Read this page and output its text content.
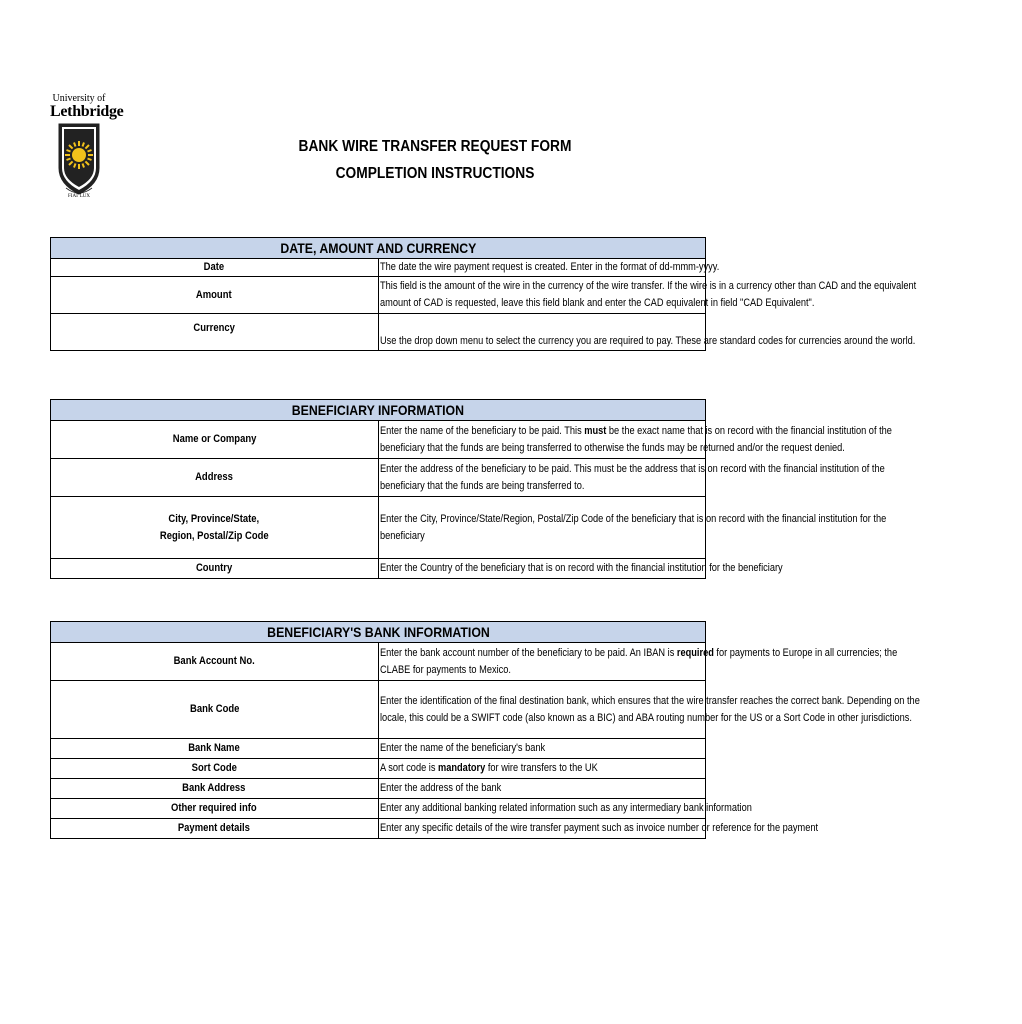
University of
Lethbridge
FIAT LUX
BANK WIRE TRANSFER REQUEST FORM
COMPLETION INSTRUCTIONS
DATE, AMOUNT AND CURRENCY	
Date	The date the wire payment request is created. Enter in the format of dd-mmm-yyyy.
Amount	This field is the amount of the wire in the currency of the wire transfer. If the wire is in a currency other than CAD and the equivalent
amount of CAD is requested, leave this field blank and enter the CAD equivalent in field "CAD Equivalent".
Currency	Use the drop down menu to select the currency you are required to pay. These are standard codes for currencies around the world.
BENEFICIARY INFORMATION	
Name or Company	Enter the name of the beneficiary to be paid. This must be the exact name that is on record with the financial institution of the
beneficiary that the funds are being transferred to otherwise the funds may be returned and/or the request denied.
Address	Enter the address of the beneficiary to be paid. This must be the address that is on record with the financial institution of the
beneficiary that the funds are being transferred to.
City, Province/State,
Region, Postal/Zip Code	Enter the City, Province/State/Region, Postal/Zip Code of the beneficiary that is on record with the financial institution for the
beneficiary
Country	Enter the Country of the beneficiary that is on record with the financial institution for the beneficiary
BENEFICIARY'S BANK INFORMATION	
Bank Account No.	Enter the bank account number of the beneficiary to be paid. An IBAN is required for payments to Europe in all currencies; the
CLABE for payments to Mexico.
Bank Code	Enter the identification of the final destination bank, which ensures that the wire transfer reaches the correct bank. Depending on the
locale, this could be a SWIFT code (also known as a BIC) and ABA routing number for the US or a Sort Code in other jurisdictions.
Bank Name	Enter the name of the beneficiary's bank
Sort Code	A sort code is mandatory for wire transfers to the UK
Bank Address	Enter the address of the bank
Other required info	Enter any additional banking related information such as any intermediary bank information
Payment details	Enter any specific details of the wire transfer payment such as invoice number or reference for the payment
